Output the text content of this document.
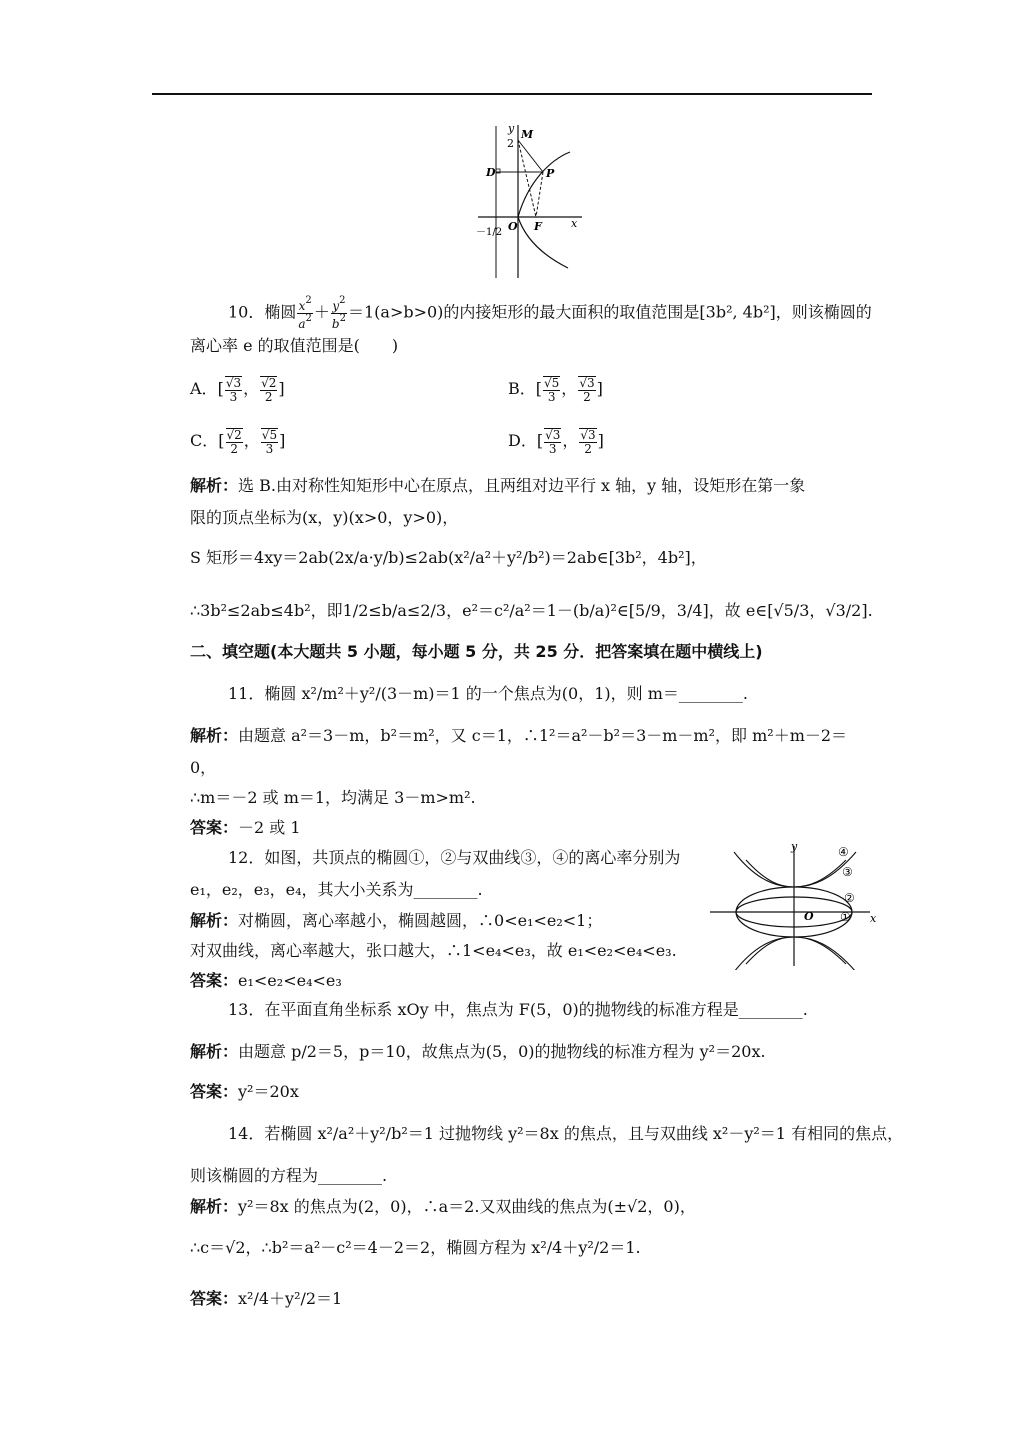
y M
2
D	P
O F	x
－1/2
10．椭圆 $\frac{x^2}{a^2} + \frac{y^2}{b^2} =1(a>b>0)$的内接矩形的最大面积的取值范围是[3b², 4b²]，则该椭圆的
离心率 e 的取值范围是(　　)
A．[ $\frac{√3}{3}$ ， $\frac{√2}{2}$ ]	B．[ $\frac{√5}{3}$ ， $\frac{√3}{2}$ ]
C．[ $\frac{√2}{2}$ ， $\frac{√5}{3}$ ]	D．[ $\frac{√3}{3}$ ， $\frac{√3}{2}$ ]
解析：选 B.由对称性知矩形中心在原点，且两组对边平行 x 轴，y 轴，设矩形在第一象
限的顶点坐标为(x，y)(x>0，y>0)，
S 矩形＝4xy＝2ab(2x/a·y/b)≤2ab(x²/a²＋y²/b²)＝2ab∈[3b²，4b²]，
∴3b²≤2ab≤4b²，即1/2≤b/a≤2/3，e²＝c²/a²＝1－(b/a)²∈[5/9，3/4]，故 e∈[√5/3，√3/2].
二、填空题(本大题共 5 小题，每小题 5 分，共 25 分．把答案填在题中横线上)
11．椭圆 x²/m²＋y²/(3－m)＝1 的一个焦点为(0，1)，则 m＝________.
解析：由题意 a²＝3－m，b²＝m²，又 c＝1，∴1²＝a²－b²＝3－m－m²，即 m²＋m－2＝
0，
∴m＝－2 或 m＝1，均满足 3－m>m².
答案：－2 或 1
12．如图，共顶点的椭圆①，②与双曲线③，④的离心率分别为
e₁，e₂，e₃，e₄，其大小关系为________.
解析：对椭圆，离心率越小，椭圆越圆，∴0<e₁<e₂<1；
对双曲线，离心率越大，张口越大，∴1<e₄<e₃，故 e₁<e₂<e₄<e₃.
答案：e₁<e₂<e₄<e₃
y
x
O ①
②
③
④
13．在平面直角坐标系 xOy 中，焦点为 F(5，0)的抛物线的标准方程是________.
解析：由题意 p/2＝5，p＝10，故焦点为(5，0)的抛物线的标准方程为 y²＝20x.
答案：y²＝20x
14．若椭圆 x²/a²＋y²/b²＝1 过抛物线 y²＝8x 的焦点，且与双曲线 x²－y²＝1 有相同的焦点，
则该椭圆的方程为________.
解析：y²＝8x 的焦点为(2，0)，∴a＝2.又双曲线的焦点为(±√2，0)，
∴c＝√2，∴b²＝a²－c²＝4－2＝2，椭圆方程为 x²/4＋y²/2＝1.
答案：x²/4＋y²/2＝1
